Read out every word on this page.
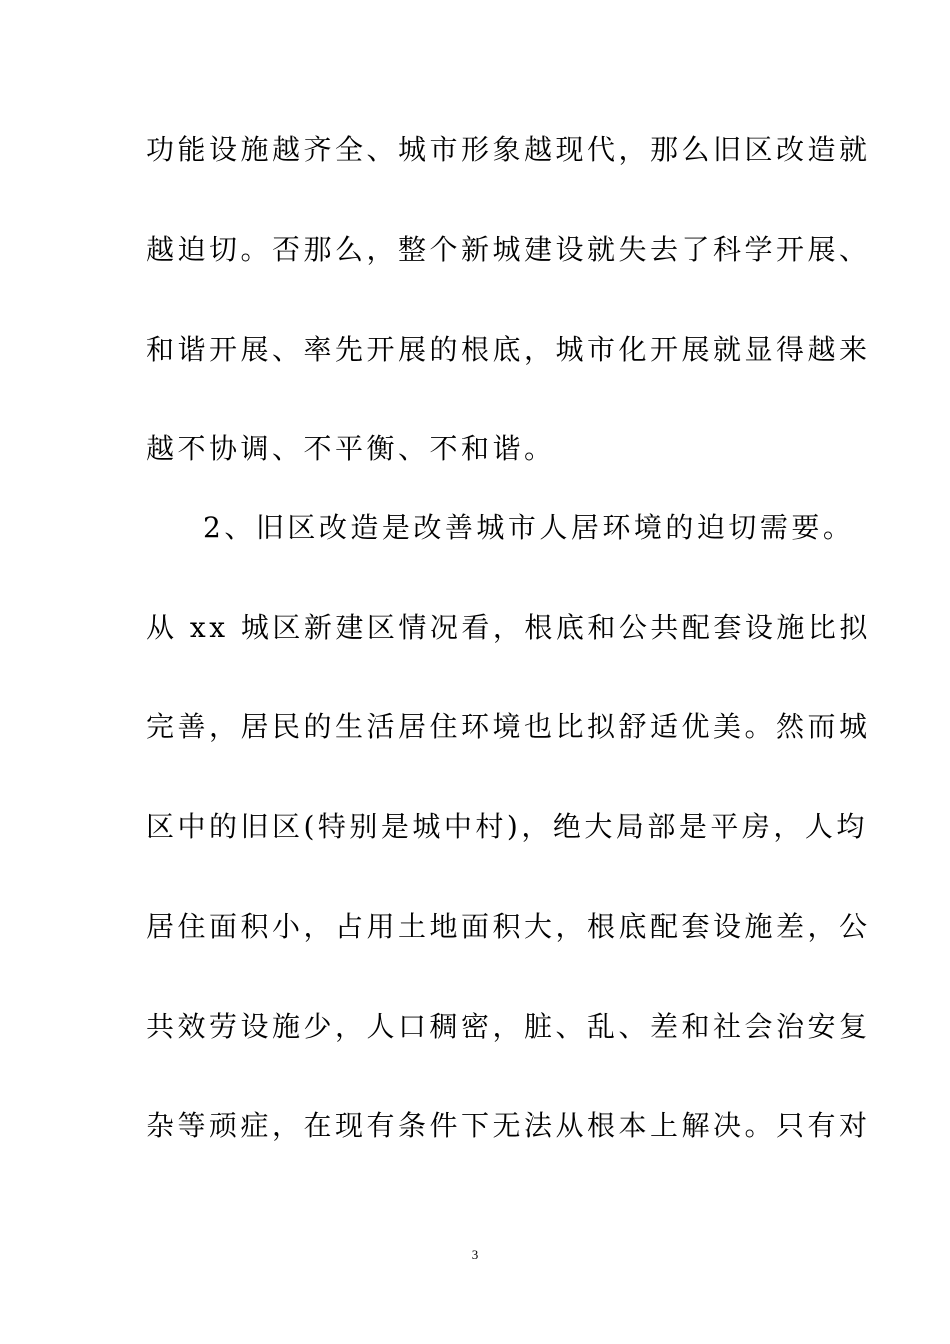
功能设施越齐全、城市形象越现代，那么旧区改造就
越迫切。否那么，整个新城建设就失去了科学开展、
和谐开展、率先开展的根底，城市化开展就显得越来
越不协调、不平衡、不和谐。
2、旧区改造是改善城市人居环境的迫切需要。
从 xx 城区新建区情况看，根底和公共配套设施比拟
完善，居民的生活居住环境也比拟舒适优美。然而城
区中的旧区(特别是城中村)，绝大局部是平房，人均
居住面积小，占用土地面积大，根底配套设施差，公
共效劳设施少，人口稠密，脏、乱、差和社会治安复
杂等顽症，在现有条件下无法从根本上解决。只有对
3
